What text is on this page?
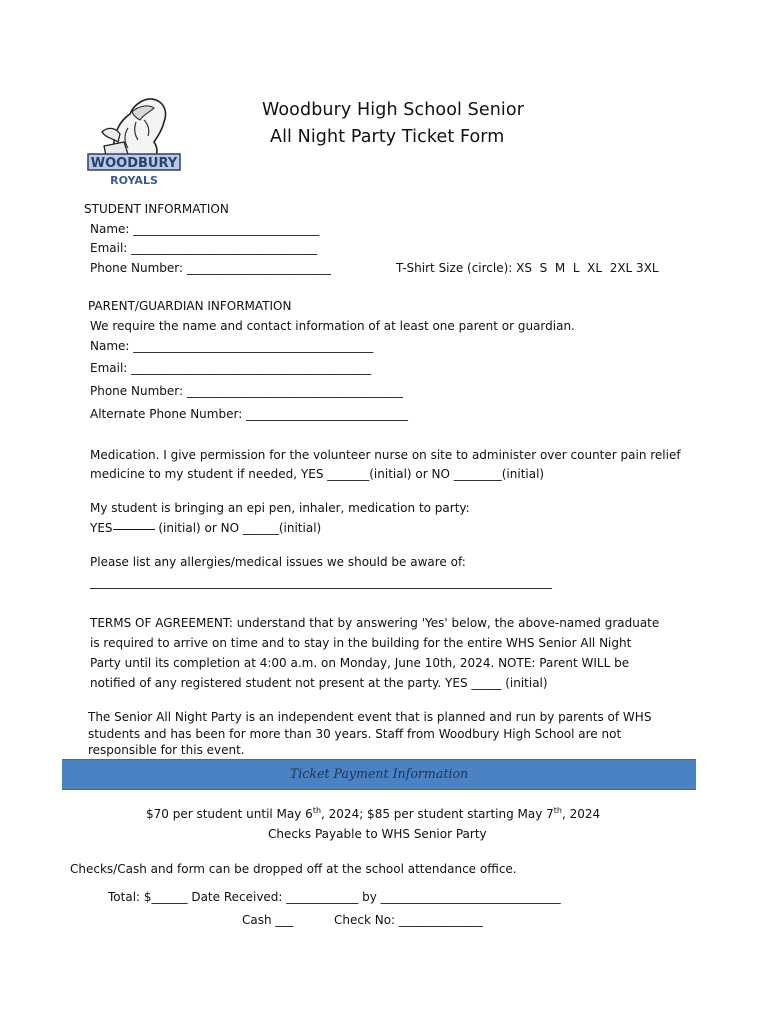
WOODBURY
ROYALS
Woodbury High School Senior
All Night Party Ticket Form
STUDENT INFORMATION
Name: _______________________________
Email: _______________________________
Phone Number: ________________________	T-Shirt Size (circle): XS  S  M  L  XL  2XL 3XL
PARENT/GUARDIAN INFORMATION
We require the name and contact information of at least one parent or guardian.
Name: ________________________________________
Email: ________________________________________
Phone Number: ____________________________________
Alternate Phone Number: ___________________________
Medication. I give permission for the volunteer nurse on site to administer over counter pain relief
medicine to my student if needed, YES _______(initial) or NO ________(initial)
My student is bringing an epi pen, inhaler, medication to party:
YES	(initial) or NO ______(initial)
Please list any allergies/medical issues we should be aware of:
_____________________________________________________________________________
TERMS OF AGREEMENT: understand that by answering 'Yes' below, the above-named graduate
is required to arrive on time and to stay in the building for the entire WHS Senior All Night
Party until its completion at 4:00 a.m. on Monday, June 10th, 2024. NOTE: Parent WILL be
notified of any registered student not present at the party. YES _____ (initial)
The Senior All Night Party is an independent event that is planned and run by parents of WHS
students and has been for more than 30 years. Staff from Woodbury High School are not
responsible for this event.
Ticket Payment Information
$70 per student until May 6th, 2024; $85 per student starting May 7th, 2024
Checks Payable to WHS Senior Party
Checks/Cash and form can be dropped off at the school attendance office.
Total: $______ Date Received: ____________ by ______________________________
Cash ___	Check No: ______________
